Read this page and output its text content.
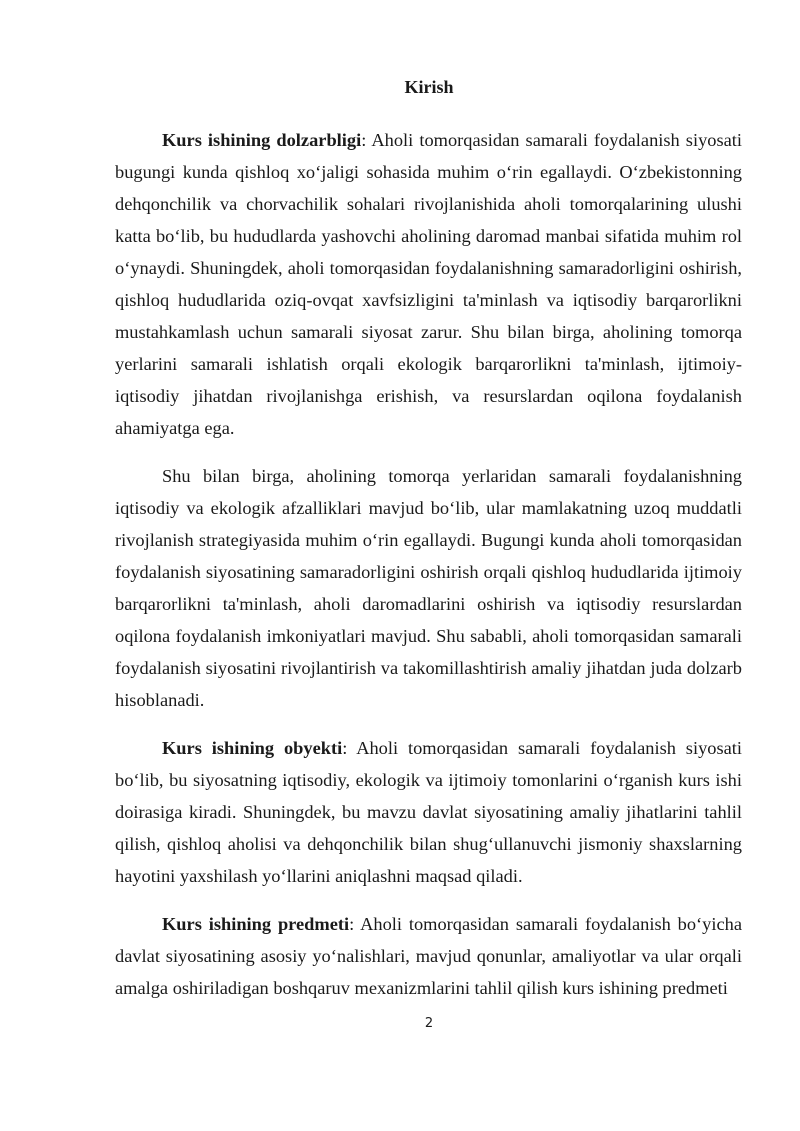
Kirish

Kurs ishining dolzarbligi: Aholi tomorqasidan samarali foydalanish siyosati bugungi kunda qishloq xo‘jaligi sohasida muhim o‘rin egallaydi. O‘zbekistonning dehqonchilik va chorvachilik sohalari rivojlanishida aholi tomorqalarining ulushi katta bo‘lib, bu hududlarda yashovchi aholining daromad manbai sifatida muhim rol o‘ynaydi. Shuningdek, aholi tomorqasidan foydalanishning samaradorligini oshirish, qishloq hududlarida oziq-ovqat xavfsizligini ta'minlash va iqtisodiy barqarorlikni mustahkamlash uchun samarali siyosat zarur. Shu bilan birga, aholining tomorqa yerlarini samarali ishlatish orqali ekologik barqarorlikni ta'minlash, ijtimoiy-iqtisodiy jihatdan rivojlanishga erishish, va resurslardan oqilona foydalanish ahamiyatga ega.

Shu bilan birga, aholining tomorqa yerlaridan samarali foydalanishning iqtisodiy va ekologik afzalliklari mavjud bo‘lib, ular mamlakatning uzoq muddatli rivojlanish strategiyasida muhim o‘rin egallaydi. Bugungi kunda aholi tomorqasidan foydalanish siyosatining samaradorligini oshirish orqali qishloq hududlarida ijtimoiy barqarorlikni ta'minlash, aholi daromadlarini oshirish va iqtisodiy resurslardan oqilona foydalanish imkoniyatlari mavjud. Shu sababli, aholi tomorqasidan samarali foydalanish siyosatini rivojlantirish va takomillashtirish amaliy jihatdan juda dolzarb hisoblanadi.

Kurs ishining obyekti: Aholi tomorqasidan samarali foydalanish siyosati bo‘lib, bu siyosatning iqtisodiy, ekologik va ijtimoiy tomonlarini o‘rganish kurs ishi doirasiga kiradi. Shuningdek, bu mavzu davlat siyosatining amaliy jihatlarini tahlil qilish, qishloq aholisi va dehqonchilik bilan shug‘ullanuvchi jismoniy shaxslarning hayotini yaxshilash yo‘llarini aniqlashni maqsad qiladi.

Kurs ishining predmeti: Aholi tomorqasidan samarali foydalanish bo‘yicha davlat siyosatining asosiy yo‘nalishlari, mavjud qonunlar, amaliyotlar va ular orqali amalga oshiriladigan boshqaruv mexanizmlarini tahlil qilish kurs ishining predmeti

2
